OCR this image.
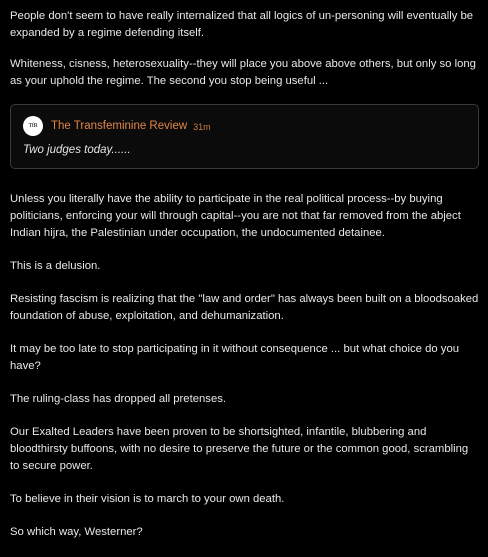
People don't seem to have really internalized that all logics of un-personing will eventually be expanded by a regime defending itself.

Whiteness, cisness, heterosexuality--they will place you above above others, but only so long as your uphold the regime. The second you stop being useful ...

TfR	The Transfeminine Review 31m
Two judges today......

Unless you literally have the ability to participate in the real political process--by buying politicians, enforcing your will through capital--you are not that far removed from the abject Indian hijra, the Palestinian under occupation, the undocumented detainee.

This is a delusion.

Resisting fascism is realizing that the "law and order" has always been built on a bloodsoaked foundation of abuse, exploitation, and dehumanization.

It may be too late to stop participating in it without consequence ... but what choice do you have?

The ruling-class has dropped all pretenses.

Our Exalted Leaders have been proven to be shortsighted, infantile, blubbering and bloodthirsty buffoons, with no desire to preserve the future or the common good, scrambling to secure power.

To believe in their vision is to march to your own death.

So which way, Westerner?
